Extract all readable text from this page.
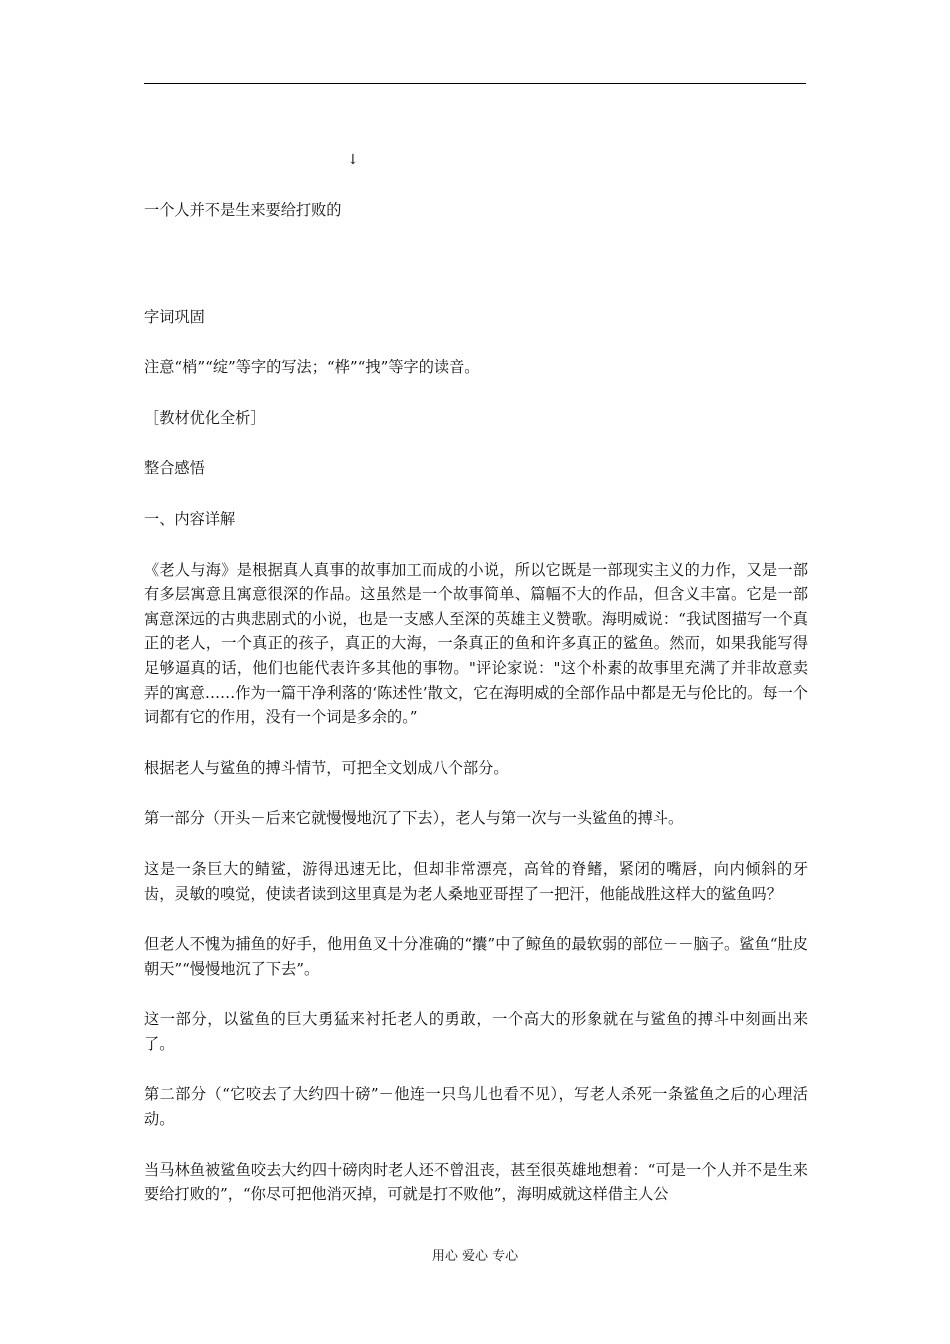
↓

一个人并不是生来要给打败的

字词巩固

注意“梢”“绽”等字的写法；“桦”“拽”等字的读音。

［教材优化全析］

整合感悟

一、内容详解

《老人与海》是根据真人真事的故事加工而成的小说，所以它既是一部现实主义的力作，又是一部有多层寓意且寓意很深的作品。这虽然是一个故事简单、篇幅不大的作品，但含义丰富。它是一部寓意深远的古典悲剧式的小说，也是一支感人至深的英雄主义赞歌。海明威说：“我试图描写一个真正的老人，一个真正的孩子，真正的大海，一条真正的鱼和许多真正的鲨鱼。然而，如果我能写得足够逼真的话，他们也能代表许多其他的事物。"评论家说："这个朴素的故事里充满了并非故意卖弄的寓意……作为一篇干净利落的‘陈述性’散文，它在海明威的全部作品中都是无与伦比的。每一个词都有它的作用，没有一个词是多余的。”

根据老人与鲨鱼的搏斗情节，可把全文划成八个部分。

第一部分（开头－后来它就慢慢地沉了下去），老人与第一次与一头鲨鱼的搏斗。

这是一条巨大的鲭鲨，游得迅速无比，但却非常漂亮，高耸的脊鳍，紧闭的嘴唇，向内倾斜的牙齿，灵敏的嗅觉，使读者读到这里真是为老人桑地亚哥捏了一把汗，他能战胜这样大的鲨鱼吗？

但老人不愧为捕鱼的好手，他用鱼叉十分准确的“攮”中了鲸鱼的最软弱的部位－－脑子。鲨鱼“肚皮朝天”“慢慢地沉了下去”。

这一部分，以鲨鱼的巨大勇猛来衬托老人的勇敢，一个高大的形象就在与鲨鱼的搏斗中刻画出来了。

第二部分（“它咬去了大约四十磅”－他连一只鸟儿也看不见），写老人杀死一条鲨鱼之后的心理活动。

当马林鱼被鲨鱼咬去大约四十磅肉时老人还不曾沮丧，甚至很英雄地想着：“可是一个人并不是生来要给打败的”，“你尽可把他消灭掉，可就是打不败他”，海明威就这样借主人公

用心 爱心 专心
